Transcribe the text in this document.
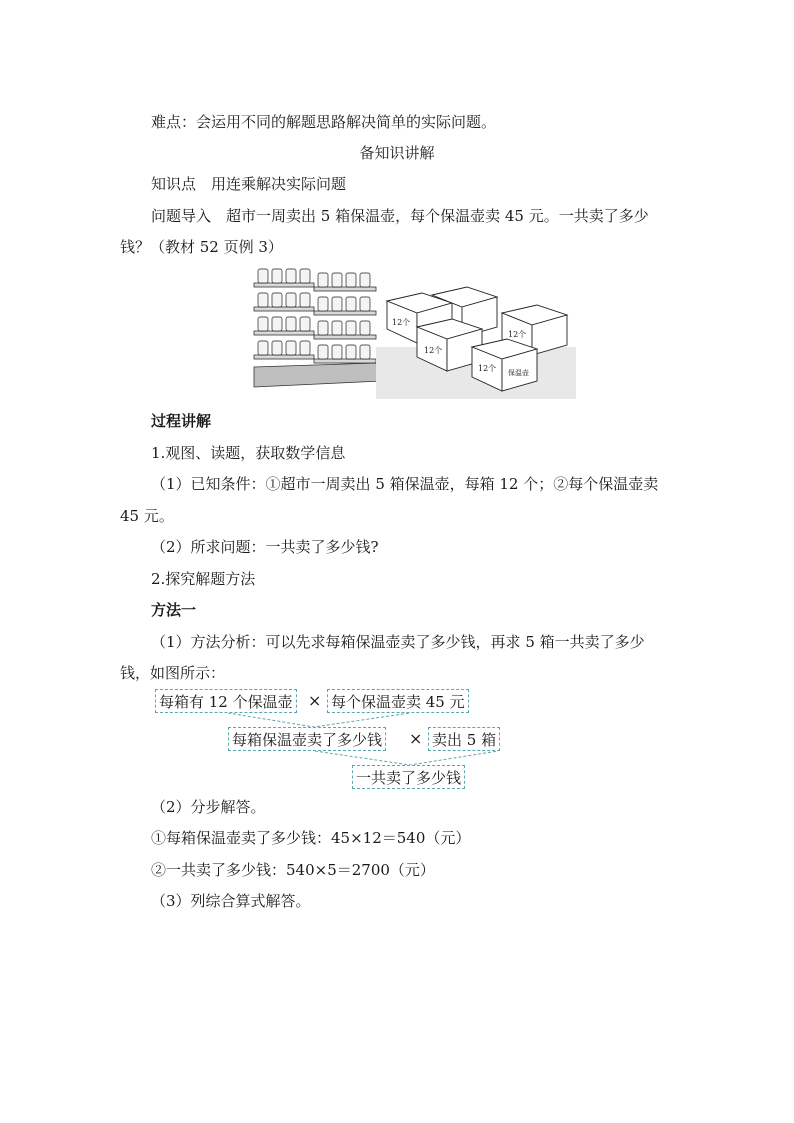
难点：会运用不同的解题思路解决简单的实际问题。
备知识讲解
知识点　用连乘解决实际问题
问题导入　超市一周卖出 5 箱保温壶，每个保温壶卖 45 元。一共卖了多少
钱？（教材 52 页例 3）
12个
12个
12个
12个 保温壶
过程讲解
1.观图、读题，获取数学信息
（1）已知条件：①超市一周卖出 5 箱保温壶，每箱 12 个；②每个保温壶卖
45 元。
（2）所求问题：一共卖了多少钱?
2.探究解题方法
方法一
（1）方法分析：可以先求每箱保温壶卖了多少钱，再求 5 箱一共卖了多少
钱，如图所示：
每箱有 12 个保温壶 × 每个保温壶卖 45 元
每箱保温壶卖了多少钱 × 卖出 5 箱
一共卖了多少钱
（2）分步解答。
①每箱保温壶卖了多少钱：45×12＝540（元）
②一共卖了多少钱：540×5＝2700（元）
（3）列综合算式解答。
